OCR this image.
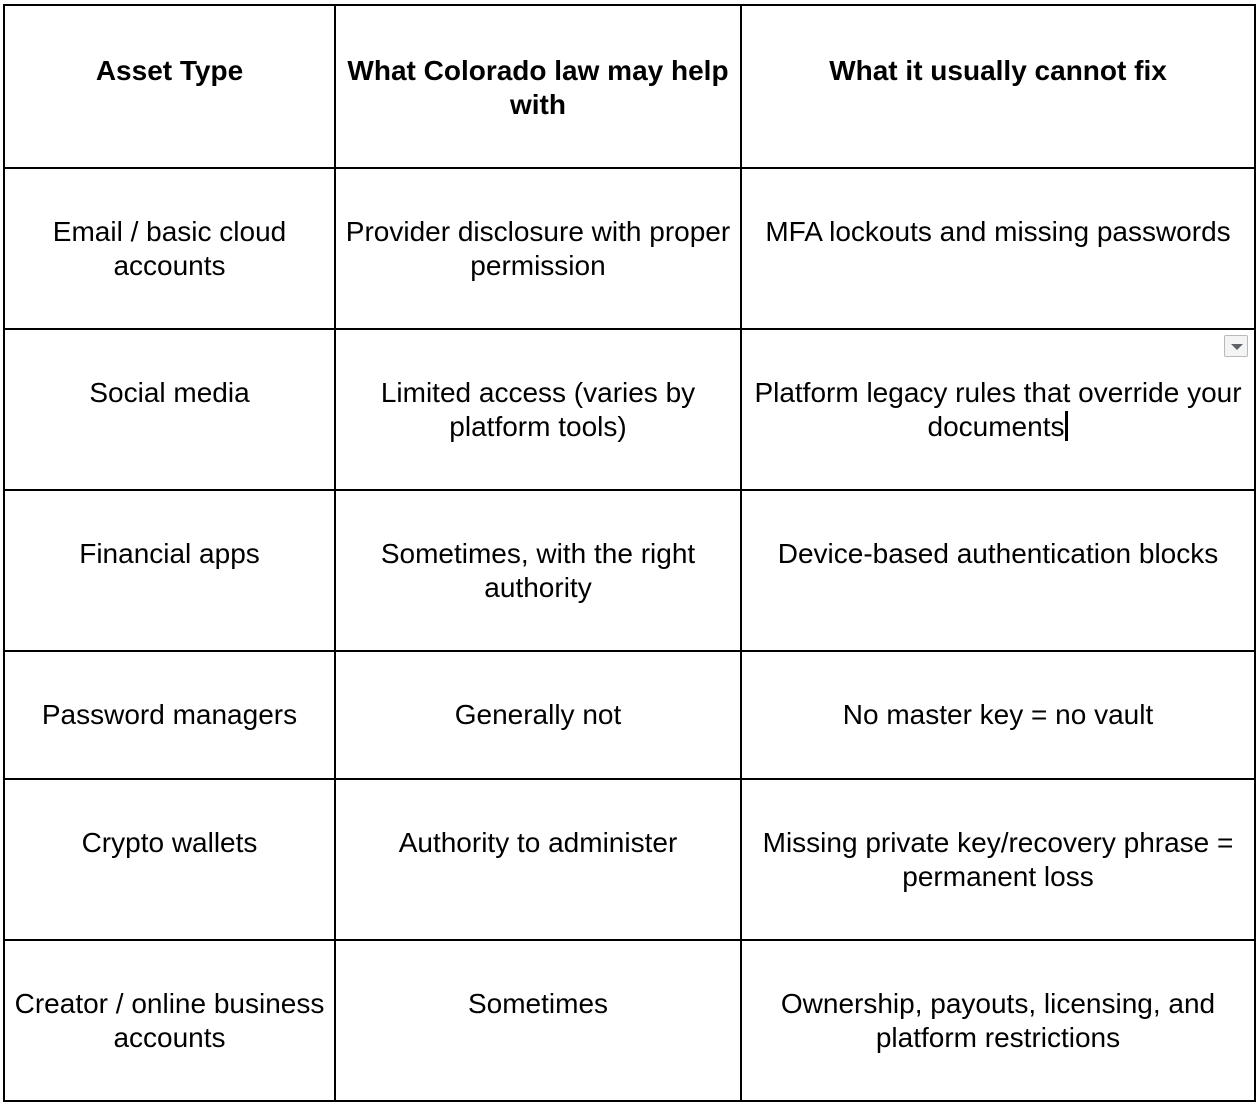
Asset Type	What Colorado law may help with	What it usually cannot fix
Email / basic cloud accounts	Provider disclosure with proper permission	MFA lockouts and missing passwords
Social media	Limited access (varies by platform tools)	Platform legacy rules that override your documents

Financial apps	Sometimes, with the right authority	Device-based authentication blocks
Password managers	Generally not	No master key = no vault
Crypto wallets	Authority to administer	Missing private key/recovery phrase = permanent loss
Creator / online business accounts	Sometimes	Ownership, payouts, licensing, and platform restrictions
